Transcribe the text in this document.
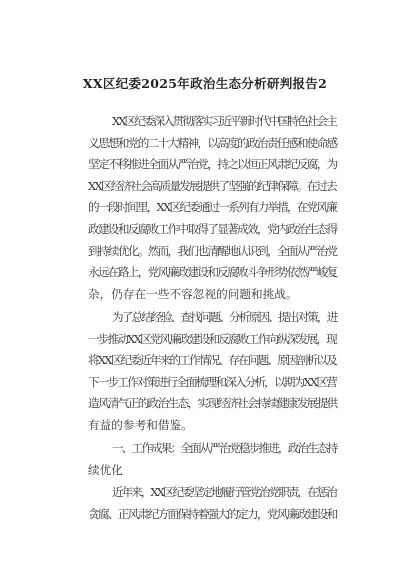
XX区纪委2025年政治生态分析研判报告2
XX区纪委深入贯彻落实习近平新时代中国特色社会主
义思想和党的二十大精神，以高度的政治责任感和使命感
坚定不移推进全面从严治党，持之以恒正风肃纪反腐，为
XX区经济社会高质量发展提供了坚强的纪律保障。在过去
的一段时间里，XX区纪委通过一系列有力举措，在党风廉
政建设和反腐败工作中取得了显著成效，党内政治生态得
到持续优化。然而，我们也清醒地认识到，全面从严治党
永远在路上，党风廉政建设和反腐败斗争形势依然严峻复
杂，仍存在一些不容忽视的问题和挑战。
为了总结经验、查找问题、分析原因、提出对策，进
一步推动XX区党风廉政建设和反腐败工作向纵深发展，现
将XX区纪委近年来的工作情况、存在问题、原因剖析以及
下一步工作对策进行全面梳理和深入分析，以期为XX区营
造风清气正的政治生态，实现经济社会持续健康发展提供
有益的参考和借鉴。
一、工作成果：全面从严治党稳步推进，政治生态持
续优化
近年来，XX区纪委坚定地履行管党治党职责，在惩治
贪腐、正风肃纪方面保持着强大的定力，党风廉政建设和
